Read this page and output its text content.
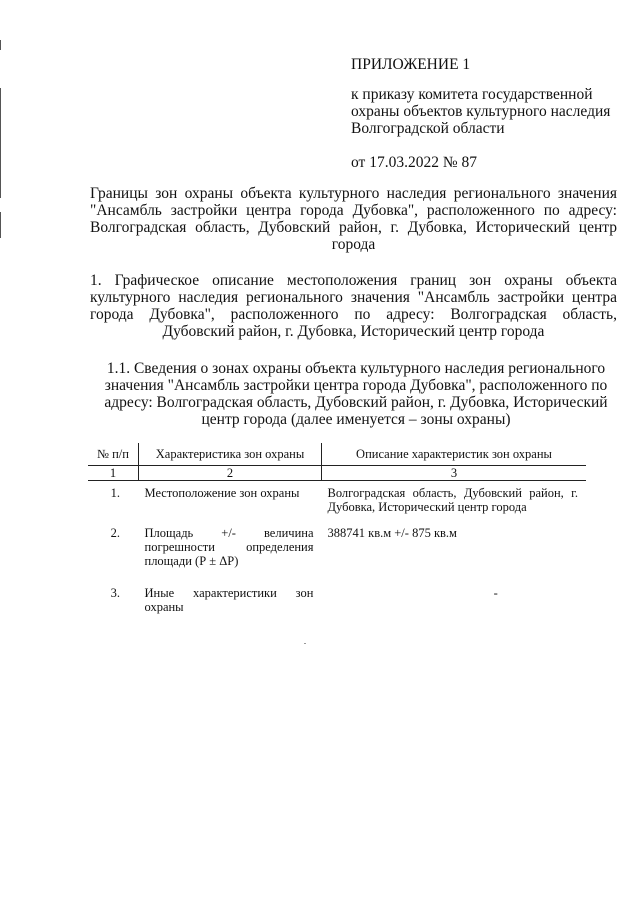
ПРИЛОЖЕНИЕ 1
к приказу комитета государственной
охраны объектов культурного наследия
Волгоградской области
от 17.03.2022 № 87
Границы зон охраны объекта культурного наследия регионального значения "Ансамбль застройки центра города Дубовка", расположенного по адресу: Волгоградская область, Дубовский район, г. Дубовка, Исторический центр города
1. Графическое описание местоположения границ зон охраны объекта культурного наследия регионального значения "Ансамбль застройки центра города Дубовка", расположенного по адресу: Волгоградская область, Дубовский район, г. Дубовка, Исторический центр города
1.1. Сведения о зонах охраны объекта культурного наследия регионального значения "Ансамбль застройки центра города Дубовка", расположенного по адресу: Волгоградская область, Дубовский район, г. Дубовка, Исторический центр города (далее именуется – зоны охраны)
№ п/п	Характеристика зон охраны	Описание характеристик зон охраны
1	2	3
1.	Местоположение зон охраны	Волгоградская область, Дубовский район, г. Дубовка, Исторический центр города
2.	Площадь +/- величина погрешности определения площади (Р ± ΔР)	388741 кв.м +/- 875 кв.м
3.	Иные характеристики зон охраны	-
